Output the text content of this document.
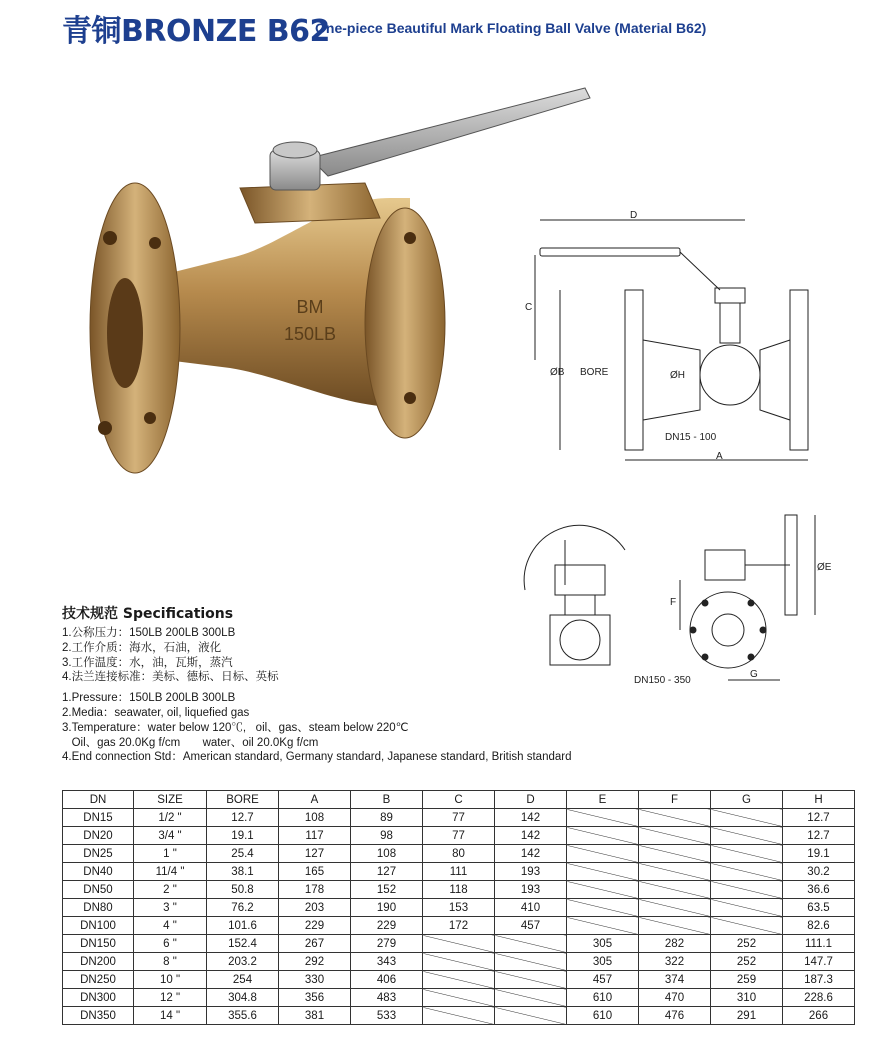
青铜BRONZE B62
One-piece Beautiful Mark Floating Ball Valve (Material B62)
BM
150LB
D
C
ØB BORE	ØH
DN15 - 100
A
ØE
F
DN150 - 350
G
技术规范 Specifications
1.公称压力：150LB 200LB 300LB
2.工作介质：海水，石油，液化
3.工作温度：水，油，瓦斯，蒸汽
4.法兰连接标准：美标、德标、日标、英标
1.Pressure：150LB 200LB 300LB
2.Media：seawater, oil, liquefied gas
3.Temperature：water below 120℃,   oil、gas、steam below 220℃
Oil、gas 20.0Kg f/cm       water、oil 20.0Kg f/cm
4.End connection Std：American standard, Germany standard, Japanese standard, British standard
DN	SIZE	BORE	A	B	C	D	E	F	G	H
DN15	1/2 "	12.7	108	89	77	142				12.7
DN20	3/4 "	19.1	117	98	77	142				12.7
DN25	1 "	25.4	127	108	80	142				19.1
DN40	11/4 "	38.1	165	127	111	193				30.2
DN50	2 "	50.8	178	152	118	193				36.6
DN80	3 "	76.2	203	190	153	410				63.5
DN100	4 "	101.6	229	229	172	457				82.6
DN150	6 "	152.4	267	279			305	282	252	111.1
DN200	8 "	203.2	292	343			305	322	252	147.7
DN250	10 "	254	330	406			457	374	259	187.3
DN300	12 "	304.8	356	483			610	470	310	228.6
DN350	14 "	355.6	381	533			610	476	291	266
